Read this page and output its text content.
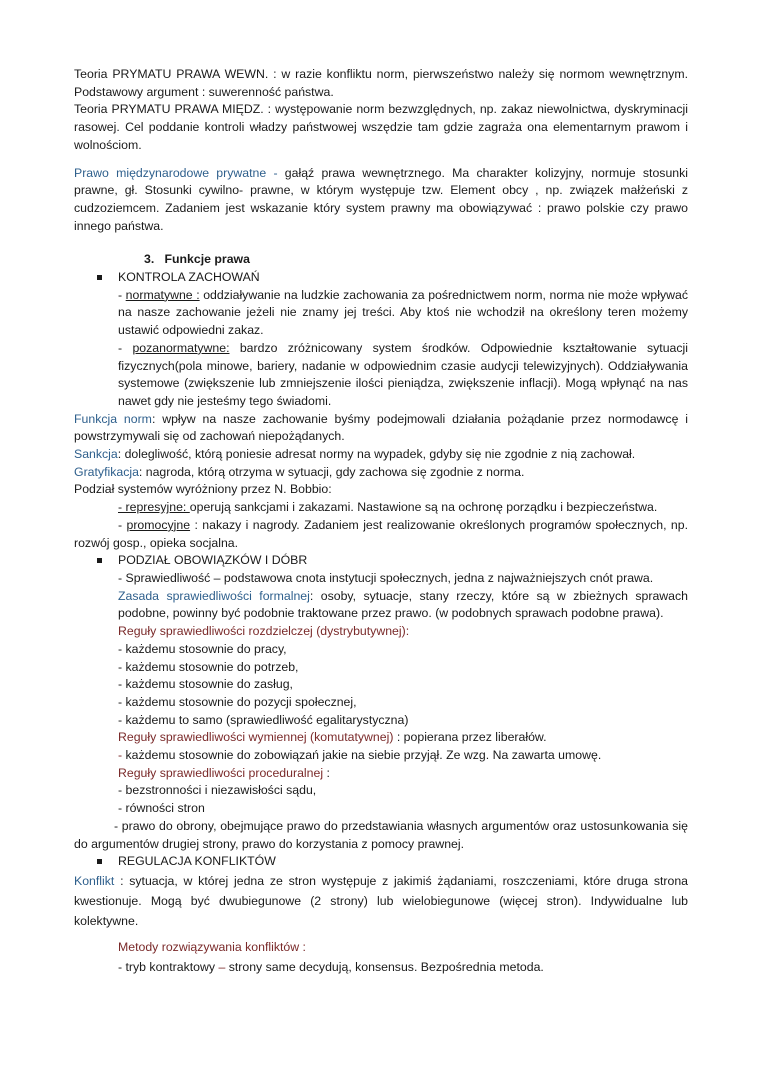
Teoria PRYMATU PRAWA WEWN. : w razie konfliktu norm, pierwszeństwo należy się normom wewnętrznym. Podstawowy argument : suwerenność państwa.

Teoria PRYMATU PRAWA MIĘDZ. : występowanie norm bezwzględnych, np. zakaz niewolnictwa, dyskryminacji rasowej. Cel poddanie kontroli władzy państwowej wszędzie tam gdzie zagraża ona elementarnym prawom i wolnościom.

Prawo międzynarodowe prywatne - gałąź prawa wewnętrznego. Ma charakter kolizyjny, normuje stosunki prawne, gł. Stosunki cywilno- prawne, w którym występuje tzw. Element obcy , np. związek małżeński z cudzoziemcem. Zadaniem jest wskazanie który system prawny ma obowiązywać : prawo polskie czy prawo innego państwa.

3. Funkcje prawa

KONTROLA ZACHOWAŃ

- normatywne : oddziaływanie na ludzkie zachowania za pośrednictwem norm, norma nie może wpływać na nasze zachowanie jeżeli nie znamy jej treści. Aby ktoś nie wchodził na określony teren możemy ustawić odpowiedni zakaz.

- pozanormatywne: bardzo zróżnicowany system środków. Odpowiednie kształtowanie sytuacji fizycznych(pola minowe, bariery, nadanie w odpowiednim czasie audycji telewizyjnych). Oddziaływania systemowe (zwiększenie lub zmniejszenie ilości pieniądza, zwiększenie inflacji). Mogą wpłynąć na nas nawet gdy nie jesteśmy tego świadomi.

Funkcja norm: wpływ na nasze zachowanie byśmy podejmowali działania pożądanie przez normodawcę i powstrzymywali się od zachowań niepożądanych.

Sankcja: dolegliwość, którą poniesie adresat normy na wypadek, gdyby się nie zgodnie z nią zachował.

Gratyfikacja: nagroda, którą otrzyma w sytuacji, gdy zachowa się zgodnie z norma.

Podział systemów wyróżniony przez N. Bobbio:

- represyjne: operują sankcjami i zakazami. Nastawione są na ochronę porządku i bezpieczeństwa.

- promocyjne : nakazy i nagrody. Zadaniem jest realizowanie określonych programów społecznych, np. rozwój gosp., opieka socjalna.

PODZIAŁ OBOWIĄZKÓW I DÓBR

- Sprawiedliwość – podstawowa cnota instytucji społecznych, jedna z najważniejszych cnót prawa.

Zasada sprawiedliwości formalnej: osoby, sytuacje, stany rzeczy, które są w zbieżnych sprawach podobne, powinny być podobnie traktowane przez prawo. (w podobnych sprawach podobne prawa).

Reguły sprawiedliwości rozdzielczej (dystrybutywnej):

- każdemu stosownie do pracy,

- każdemu stosownie do potrzeb,

- każdemu stosownie do zasług,

- każdemu stosownie do pozycji społecznej,

- każdemu to samo (sprawiedliwość egalitarystyczna)

Reguły sprawiedliwości wymiennej (komutatywnej) : popierana przez liberałów.

- każdemu stosownie do zobowiązań jakie na siebie przyjął. Ze wzg. Na zawarta umowę.

Reguły sprawiedliwości proceduralnej :

- bezstronności i niezawisłości sądu,

- równości stron

- prawo do obrony, obejmujące prawo do przedstawiania własnych argumentów oraz ustosunkowania się do argumentów drugiej strony, prawo do korzystania z pomocy prawnej.

REGULACJA KONFLIKTÓW

Konflikt : sytuacja, w której jedna ze stron występuje z jakimiś żądaniami, roszczeniami, które druga strona kwestionuje. Mogą być dwubiegunowe (2 strony) lub wielobiegunowe (więcej stron). Indywidualne lub kolektywne.

Metody rozwiązywania konfliktów :

- tryb kontraktowy – strony same decydują, konsensus. Bezpośrednia metoda.
